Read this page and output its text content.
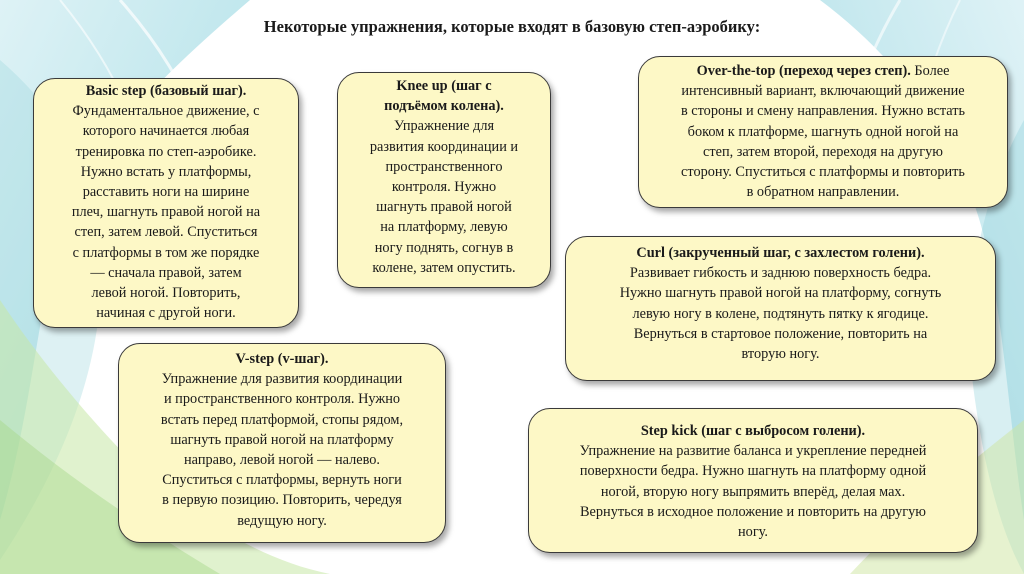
Некоторые упражнения, которые входят в базовую степ-аэробику:
Basic step (базовый шаг).
Фундаментальное движение, с
которого начинается любая
тренировка по степ-аэробике.
Нужно встать у платформы,
расставить ноги на ширине
плеч, шагнуть правой ногой на
степ, затем левой. Спуститься
с платформы в том же порядке
— сначала правой, затем
левой ногой. Повторить,
начиная с другой ноги.
Knee up (шаг с
подъёмом колена).
Упражнение для
развития координации и
пространственного
контроля. Нужно
шагнуть правой ногой
на платформу, левую
ногу поднять, согнув в
колене, затем опустить.
Over-the-top (переход через степ). Более
интенсивный вариант, включающий движение
в стороны и смену направления. Нужно встать
боком к платформе, шагнуть одной ногой на
степ, затем второй, переходя на другую
сторону. Спуститься с платформы и повторить
в обратном направлении.
Curl (закрученный шаг, с захлестом голени).
Развивает гибкость и заднюю поверхность бедра.
Нужно шагнуть правой ногой на платформу, согнуть
левую ногу в колене, подтянуть пятку к ягодице.
Вернуться в стартовое положение, повторить на
вторую ногу.
V-step (v-шаг).
Упражнение для развития координации
и пространственного контроля. Нужно
встать перед платформой, стопы рядом,
шагнуть правой ногой на платформу
направо, левой ногой — налево.
Спуститься с платформы, вернуть ноги
в первую позицию. Повторить, чередуя
ведущую ногу.
Step kick (шаг с выбросом голени).
Упражнение на развитие баланса и укрепление передней
поверхности бедра. Нужно шагнуть на платформу одной
ногой, вторую ногу выпрямить вперёд, делая мах.
Вернуться в исходное положение и повторить на другую
ногу.
